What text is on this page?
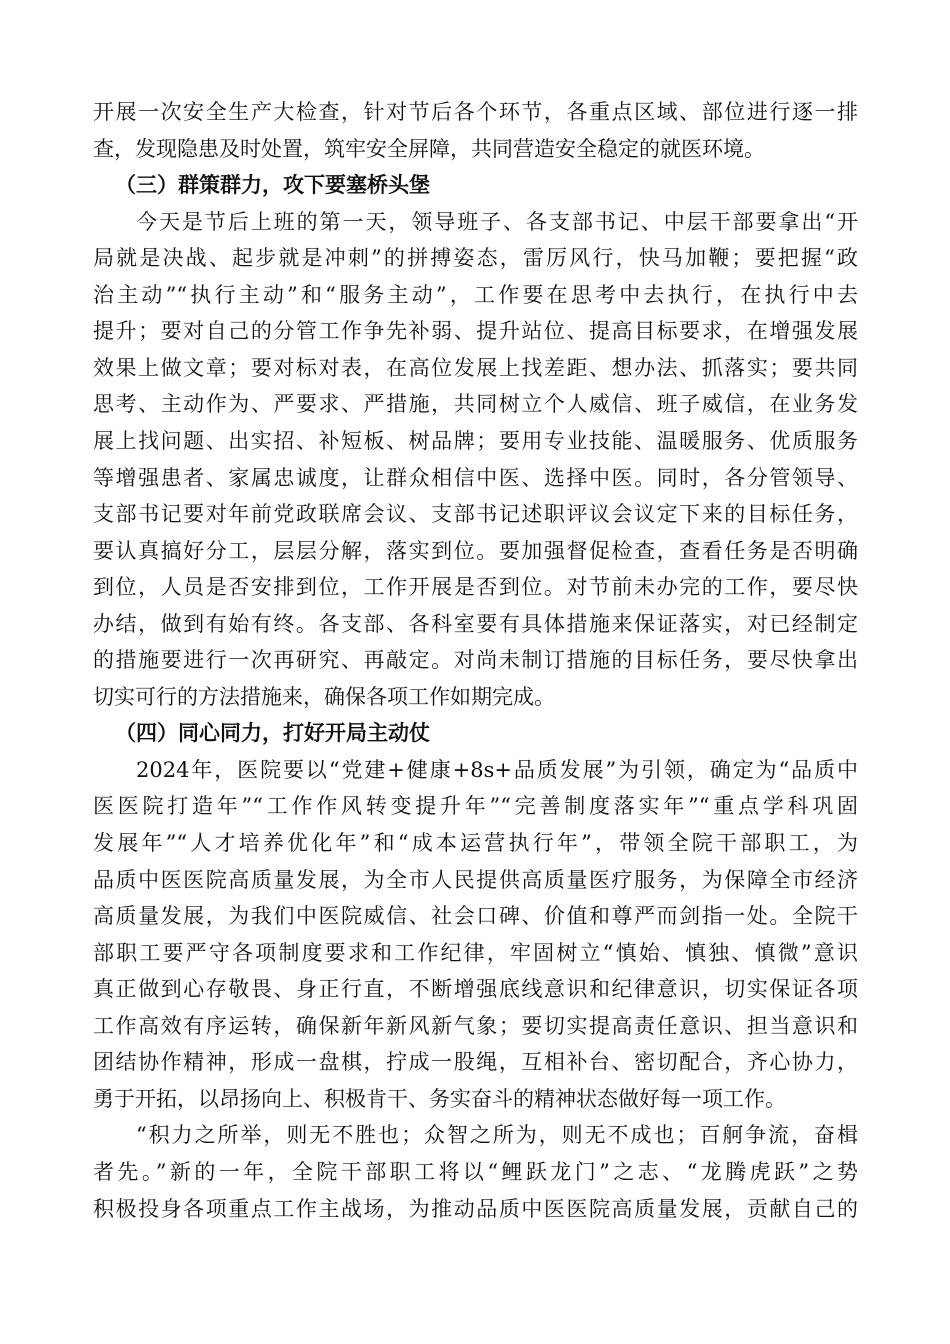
开展一次安全生产大检查，针对节后各个环节，各重点区域、部位进行逐一排
查，发现隐患及时处置，筑牢安全屏障，共同营造安全稳定的就医环境。
（三）群策群力，攻下要塞桥头堡
今天是节后上班的第一天，领导班子、各支部书记、中层干部要拿出“开
局就是决战、起步就是冲刺”的拼搏姿态，雷厉风行，快马加鞭；要把握“政
治主动”“执行主动”和“服务主动”，工作要在思考中去执行，在执行中去
提升；要对自己的分管工作争先补弱、提升站位、提高目标要求，在增强发展
效果上做文章；要对标对表，在高位发展上找差距、想办法、抓落实；要共同
思考、主动作为、严要求、严措施，共同树立个人威信、班子威信，在业务发
展上找问题、出实招、补短板、树品牌；要用专业技能、温暖服务、优质服务
等增强患者、家属忠诚度，让群众相信中医、选择中医。同时，各分管领导、
支部书记要对年前党政联席会议、支部书记述职评议会议定下来的目标任务，
要认真搞好分工，层层分解，落实到位。要加强督促检查，查看任务是否明确
到位，人员是否安排到位，工作开展是否到位。对节前未办完的工作，要尽快
办结，做到有始有终。各支部、各科室要有具体措施来保证落实，对已经制定
的措施要进行一次再研究、再敲定。对尚未制订措施的目标任务，要尽快拿出
切实可行的方法措施来，确保各项工作如期完成。
（四）同心同力，打好开局主动仗
2024年，医院要以“党建+健康+8s+品质发展”为引领，确定为“品质中
医医院打造年”“工作作风转变提升年”“完善制度落实年”“重点学科巩固
发展年”“人才培养优化年”和“成本运营执行年”，带领全院干部职工，为
品质中医医院高质量发展，为全市人民提供高质量医疗服务，为保障全市经济
高质量发展，为我们中医院威信、社会口碑、价值和尊严而剑指一处。全院干
部职工要严守各项制度要求和工作纪律，牢固树立“慎始、慎独、慎微”意识
真正做到心存敬畏、身正行直，不断增强底线意识和纪律意识，切实保证各项
工作高效有序运转，确保新年新风新气象；要切实提高责任意识、担当意识和
团结协作精神，形成一盘棋，拧成一股绳，互相补台、密切配合，齐心协力，
勇于开拓，以昂扬向上、积极肯干、务实奋斗的精神状态做好每一项工作。
“积力之所举，则无不胜也；众智之所为，则无不成也；百舸争流，奋楫
者先。”新的一年，全院干部职工将以“鲤跃龙门”之志、“龙腾虎跃”之势
积极投身各项重点工作主战场，为推动品质中医医院高质量发展，贡献自己的
